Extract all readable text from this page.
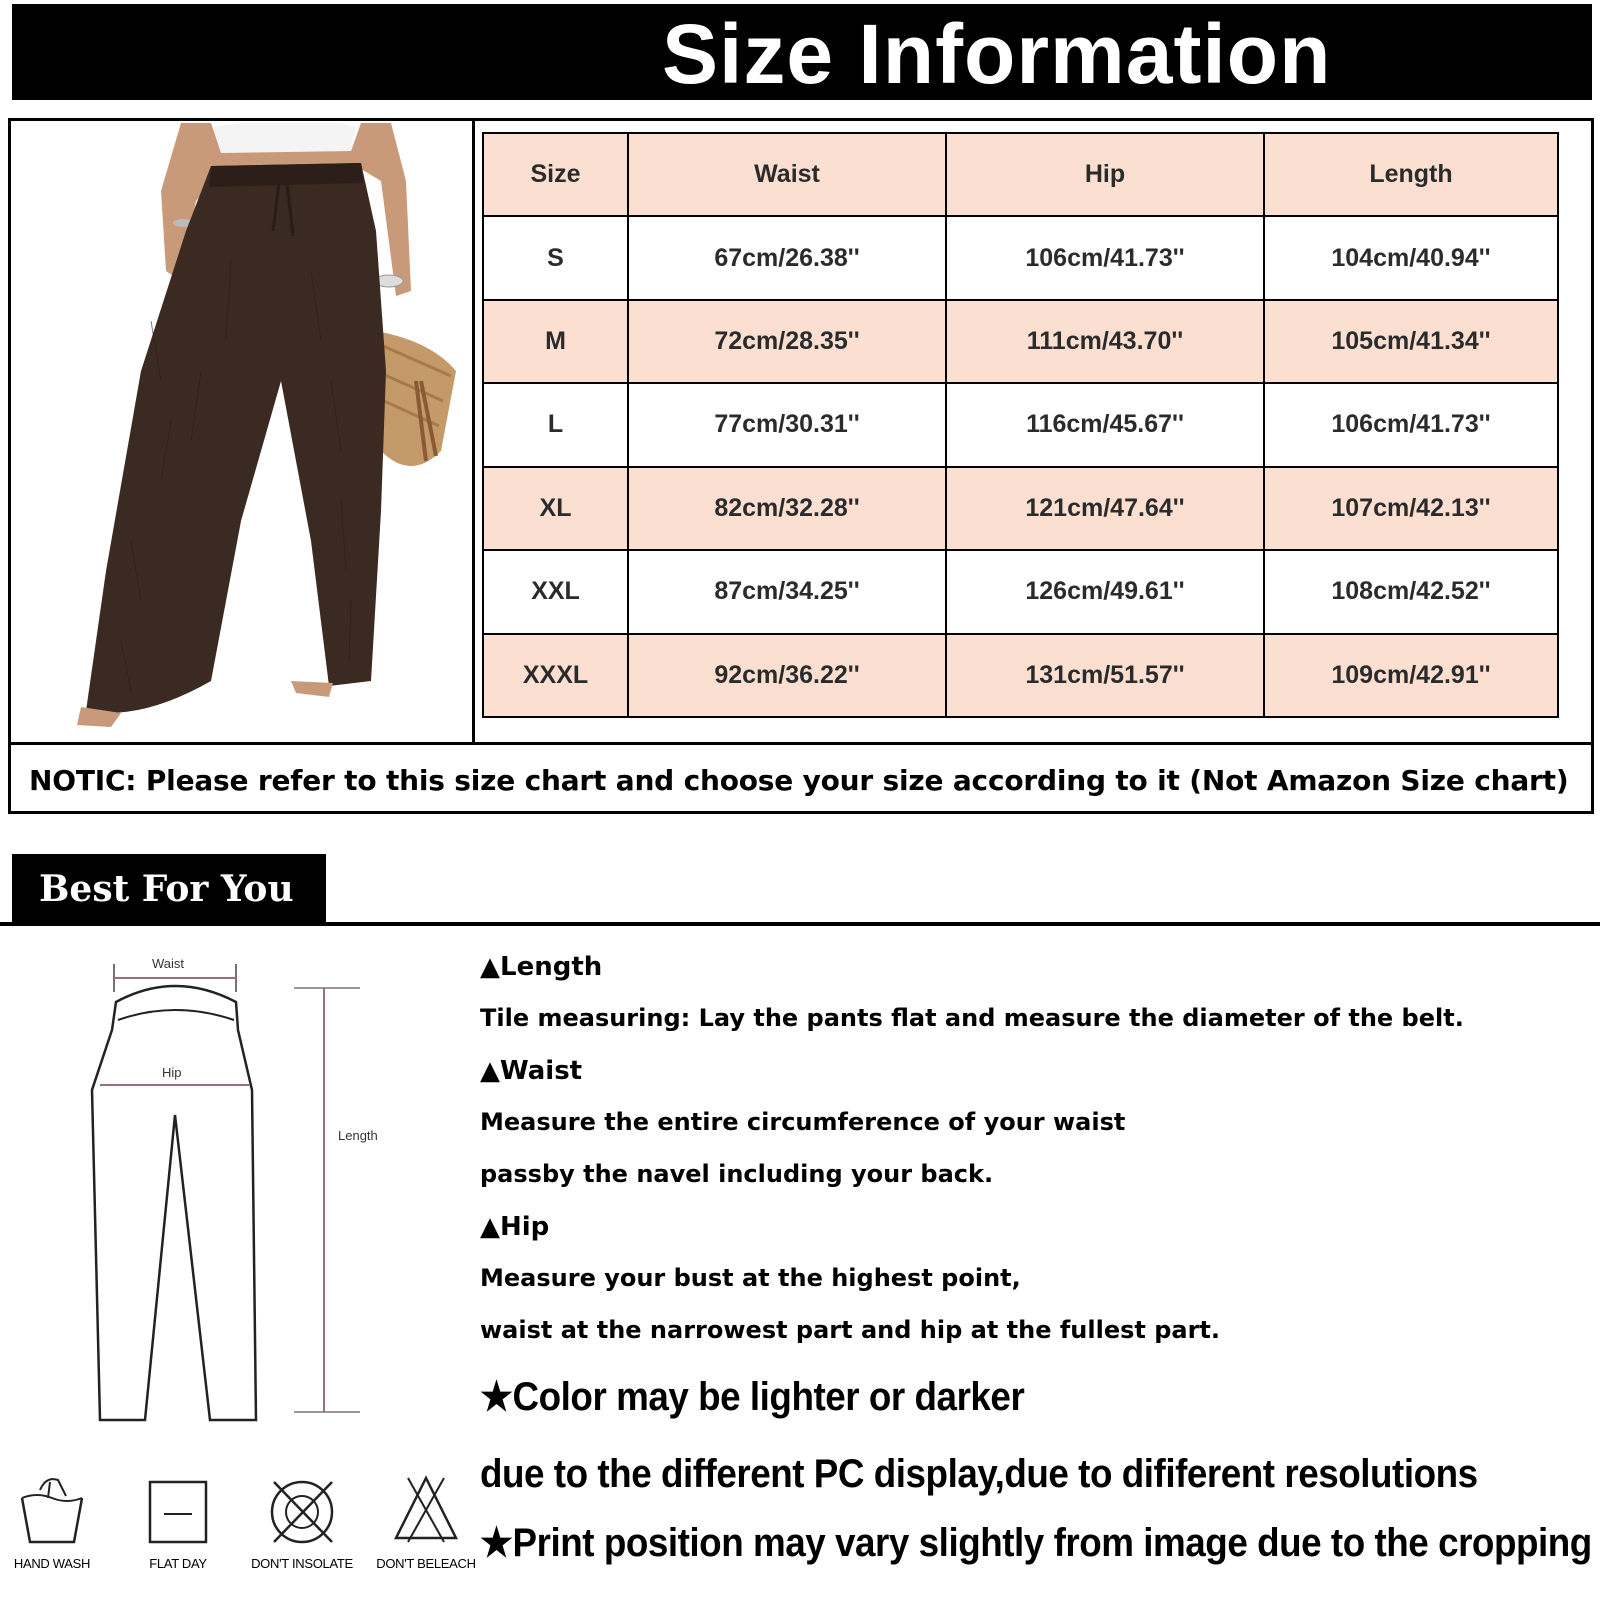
Size Information
NOTIC: Please refer to this size chart and choose your size according to it (Not Amazon Size chart)
Size	Waist	Hip	Length
S	67cm/26.38''	106cm/41.73''	104cm/40.94''
M	72cm/28.35''	111cm/43.70''	105cm/41.34''
L	77cm/30.31''	116cm/45.67''	106cm/41.73''
XL	82cm/32.28''	121cm/47.64''	107cm/42.13''
XXL	87cm/34.25''	126cm/49.61''	108cm/42.52''
XXXL	92cm/36.22''	131cm/51.57''	109cm/42.91''
Best For You
Waist
Hip
Length
HAND WASH	FLAT DAY	DON'T INSOLATE	DON'T BELEACH
▲Length
Tile measuring: Lay the pants flat and measure the diameter of the belt.
▲Waist
Measure the entire circumference of your waist
passby the navel including your back.
▲Hip
Measure your bust at the highest point,
waist at the narrowest part and hip at the fullest part.
★Color may be lighter or darker
due to the different PC display,due to dififerent resolutions
★Print position may vary slightly from image due to the cropping
